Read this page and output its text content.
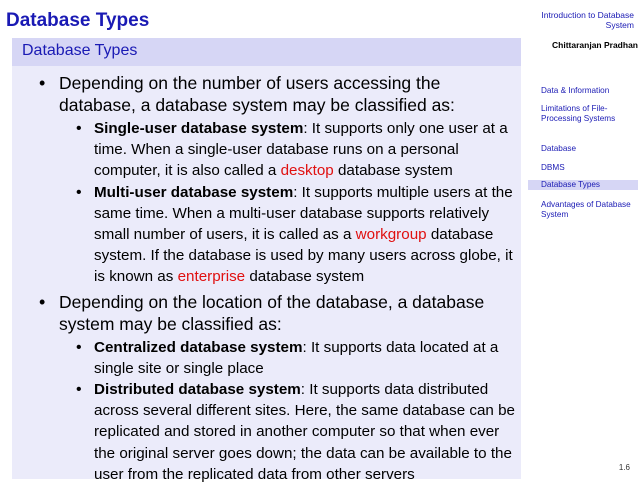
Database Types
Database Types
• Depending on the number of users accessing the database, a database system may be classified as:
• Single-user database system: It supports only one user at a time. When a single-user database runs on a personal computer, it is also called a desktop database system
• Multi-user database system: It supports multiple users at the same time. When a multi-user database supports relatively small number of users, it is called as a workgroup database system. If the database is used by many users across globe, it is known as enterprise database system
• Depending on the location of the database, a database system may be classified as:
• Centralized database system: It supports data located at a single site or single place
• Distributed database system: It supports data distributed across several different sites. Here, the same database can be replicated and stored in another computer so that when ever the original server goes down; the data can be available to the user from the replicated data from other servers
Introduction to Database System
Chittaranjan Pradhan
Data & Information
Limitations of File-Processing Systems
Database
DBMS
Database Types
Advantages of Database System
1.6
